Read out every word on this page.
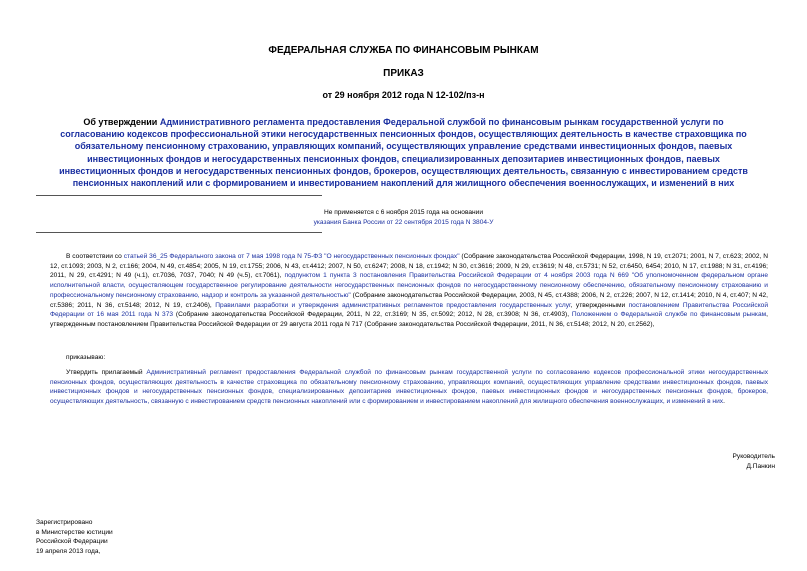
ФЕДЕРАЛЬНАЯ СЛУЖБА ПО ФИНАНСОВЫМ РЫНКАМ
ПРИКАЗ
от 29 ноября 2012 года N 12-102/пз-н
Об утверждении Административного регламента предоставления Федеральной службой по финансовым рынкам государственной услуги по согласованию кодексов профессиональной этики негосударственных пенсионных фондов, осуществляющих деятельность в качестве страховщика по обязательному пенсионному страхованию, управляющих компаний, осуществляющих управление средствами инвестиционных фондов, паевых инвестиционных фондов и негосударственных пенсионных фондов, специализированных депозитариев инвестиционных фондов, паевых инвестиционных фондов и негосударственных пенсионных фондов, брокеров, осуществляющих деятельность, связанную с инвестированием средств пенсионных накоплений или с формированием и инвестированием накоплений для жилищного обеспечения военнослужащих, и изменений в них
Не применяется с 6 ноября 2015 года на основании
указания Банка России от 22 сентября 2015 года N 3804-У
В соответствии со статьей 36_25 Федерального закона от 7 мая 1998 года N 75-ФЗ "О негосударственных пенсионных фондах" (Собрание законодательства Российской Федерации, 1998, N 19, ст.2071; 2001, N 7, ст.623; 2002, N 12, ст.1093; 2003, N 2, ст.166; 2004, N 49, ст.4854; 2005, N 19, ст.1755; 2006, N 43, ст.4412; 2007, N 50, ст.6247; 2008, N 18, ст.1942; N 30, ст.3616; 2009, N 29, ст.3619; N 48, ст.5731; N 52, ст.6450, 6454; 2010, N 17, ст.1988; N 31, ст.4196; 2011, N 29, ст.4291; N 49 (ч.1), ст.7036, 7037, 7040; N 49 (ч.5), ст.7061), подпунктом 1 пункта 3 постановления Правительства Российской Федерации от 4 ноября 2003 года N 669 "Об уполномоченном федеральном органе исполнительной власти, осуществляющем государственное регулирование деятельности негосударственных пенсионных фондов по негосударственному пенсионному обеспечению, обязательному пенсионному страхованию и профессиональному пенсионному страхованию, надзор и контроль за указанной деятельностью" (Собрание законодательства Российской Федерации, 2003, N 45, ст.4388; 2006, N 2, ст.226; 2007, N 12, ст.1414; 2010, N 4, ст.407; N 42, ст.5386; 2011, N 36, ст.5148; 2012, N 19, ст.2406), Правилами разработки и утверждения административных регламентов предоставления государственных услуг, утвержденными постановлением Правительства Российской Федерации от 16 мая 2011 года N 373 (Собрание законодательства Российской Федерации, 2011, N 22, ст.3169; N 35, ст.5092; 2012, N 28, ст.3908; N 36, ст.4903), Положением о Федеральной службе по финансовым рынкам, утвержденным постановлением Правительства Российской Федерации от 29 августа 2011 года N 717 (Собрание законодательства Российской Федерации, 2011, N 36, ст.5148; 2012, N 20, ст.2562),
приказываю:
Утвердить прилагаемый Административный регламент предоставления Федеральной службой по финансовым рынкам государственной услуги по согласованию кодексов профессиональной этики негосударственных пенсионных фондов, осуществляющих деятельность в качестве страховщика по обязательному пенсионному страхованию, управляющих компаний, осуществляющих управление средствами инвестиционных фондов, паевых инвестиционных фондов и негосударственных пенсионных фондов, специализированных депозитариев инвестиционных фондов, паевых инвестиционных фондов и негосударственных пенсионных фондов, брокеров, осуществляющих деятельность, связанную с инвестированием средств пенсионных накоплений или с формированием и инвестированием накоплений для жилищного обеспечения военнослужащих, и изменений в них.
Руководитель
Д.Панкин
Зарегистрировано
в Министерстве юстиции
Российской Федерации
19 апреля 2013 года,
